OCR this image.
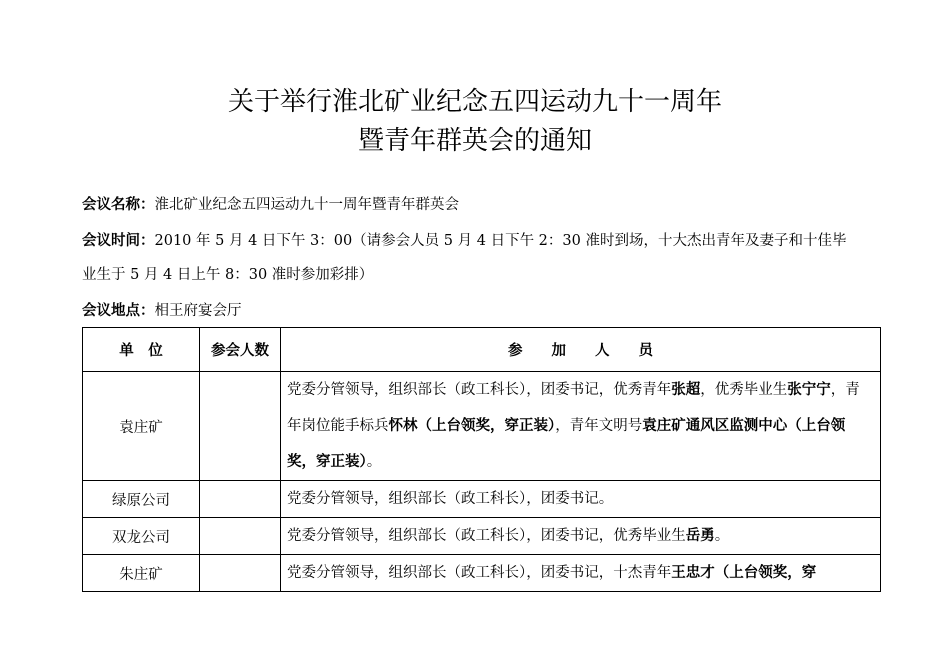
关于举行淮北矿业纪念五四运动九十一周年
暨青年群英会的通知
会议名称：淮北矿业纪念五四运动九十一周年暨青年群英会
会议时间：2010 年 5 月 4 日下午 3：00（请参会人员 5 月 4 日下午 2：30 准时到场，十大杰出青年及妻子和十佳毕
业生于 5 月 4 日上午 8：30 准时参加彩排）
会议地点：相王府宴会厅
单　位	参会人数	参　　加　　人　　员
袁庄矿		党委分管领导，组织部长（政工科长），团委书记，优秀青年张超，优秀毕业生张宁宁，青年岗位能手标兵怀林（上台领奖，穿正装），青年文明号袁庄矿通风区监测中心（上台领奖，穿正装）。
绿原公司		党委分管领导，组织部长（政工科长），团委书记。
双龙公司		党委分管领导，组织部长（政工科长），团委书记，优秀毕业生岳勇。
朱庄矿		党委分管领导，组织部长（政工科长），团委书记，十杰青年王忠才（上台领奖，穿
